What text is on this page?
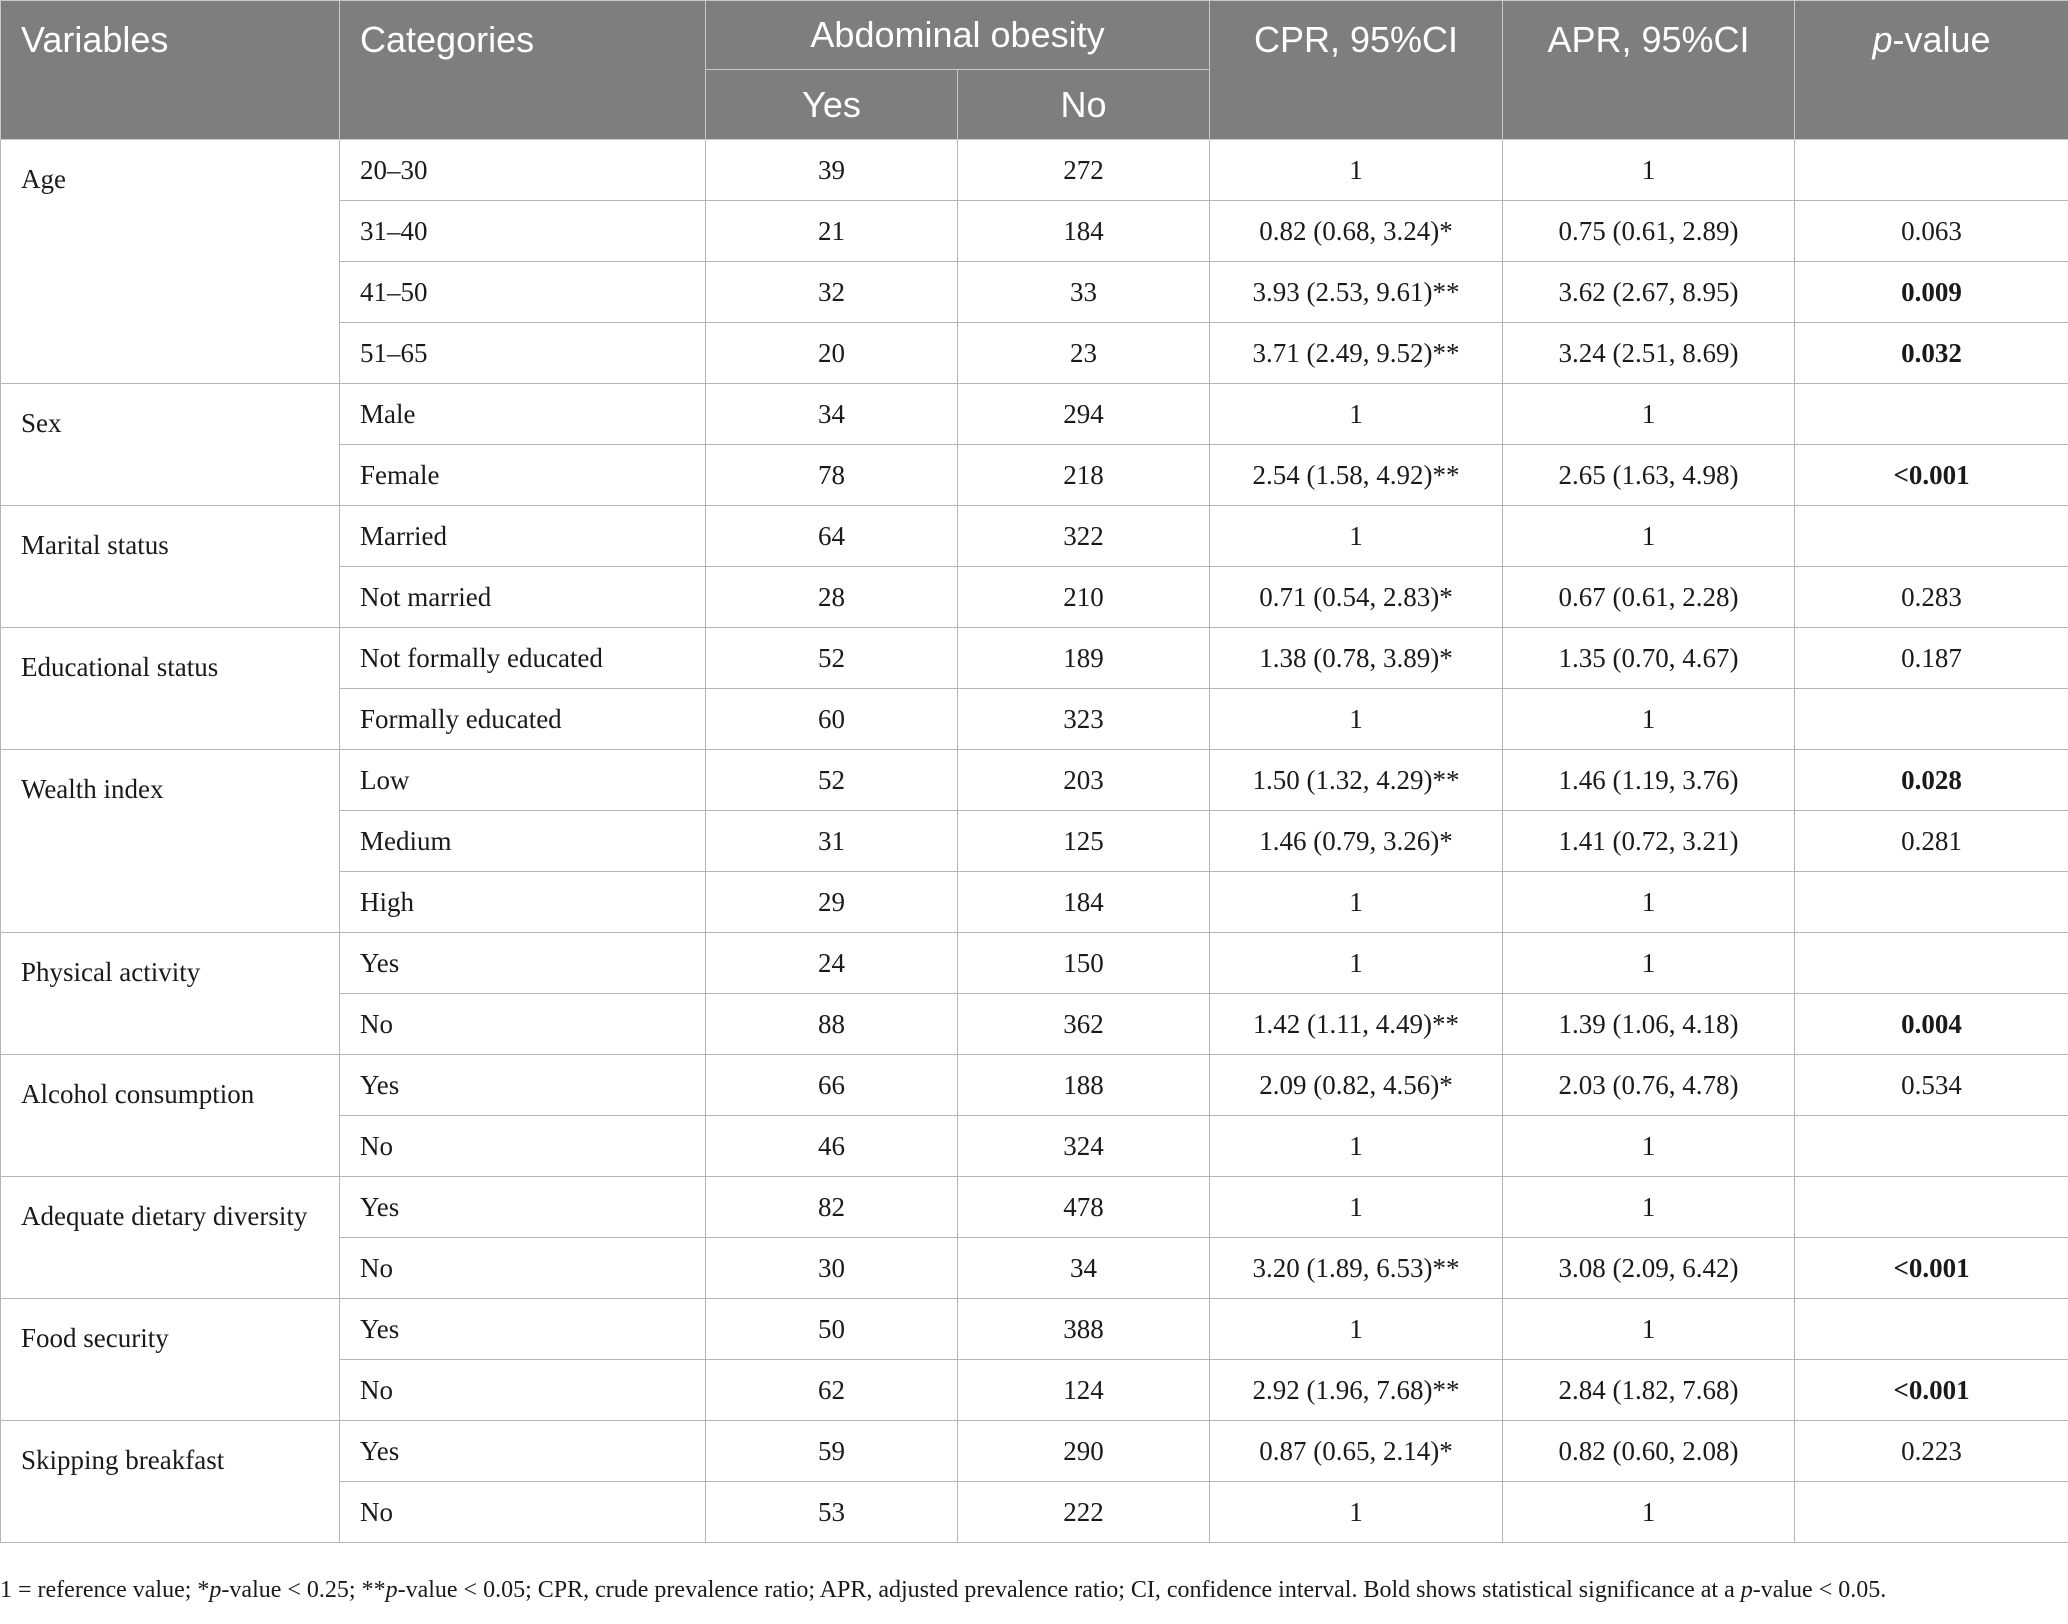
Variables	Categories	Abdominal obesity		CPR, 95%CI	APR, 95%CI	p-value
		Yes	No			
Age	20–30	39	272	1	1	
	31–40	21	184	0.82 (0.68, 3.24)*	0.75 (0.61, 2.89)	0.063
	41–50	32	33	3.93 (2.53, 9.61)**	3.62 (2.67, 8.95)	0.009
	51–65	20	23	3.71 (2.49, 9.52)**	3.24 (2.51, 8.69)	0.032
Sex	Male	34	294	1	1	
	Female	78	218	2.54 (1.58, 4.92)**	2.65 (1.63, 4.98)	<0.001
Marital status	Married	64	322	1	1	
	Not married	28	210	0.71 (0.54, 2.83)*	0.67 (0.61, 2.28)	0.283
Educational status	Not formally educated	52	189	1.38 (0.78, 3.89)*	1.35 (0.70, 4.67)	0.187
	Formally educated	60	323	1	1	
Wealth index	Low	52	203	1.50 (1.32, 4.29)**	1.46 (1.19, 3.76)	0.028
	Medium	31	125	1.46 (0.79, 3.26)*	1.41 (0.72, 3.21)	0.281
	High	29	184	1	1	
Physical activity	Yes	24	150	1	1	
	No	88	362	1.42 (1.11, 4.49)**	1.39 (1.06, 4.18)	0.004
Alcohol consumption	Yes	66	188	2.09 (0.82, 4.56)*	2.03 (0.76, 4.78)	0.534
	No	46	324	1	1	
Adequate dietary diversity	Yes	82	478	1	1	
	No	30	34	3.20 (1.89, 6.53)**	3.08 (2.09, 6.42)	<0.001
Food security	Yes	50	388	1	1	
	No	62	124	2.92 (1.96, 7.68)**	2.84 (1.82, 7.68)	<0.001
Skipping breakfast	Yes	59	290	0.87 (0.65, 2.14)*	0.82 (0.60, 2.08)	0.223
	No	53	222	1	1	
1 = reference value; *p-value < 0.25; **p-value < 0.05; CPR, crude prevalence ratio; APR, adjusted prevalence ratio; CI, confidence interval. Bold shows statistical significance at a p-value < 0.05.
